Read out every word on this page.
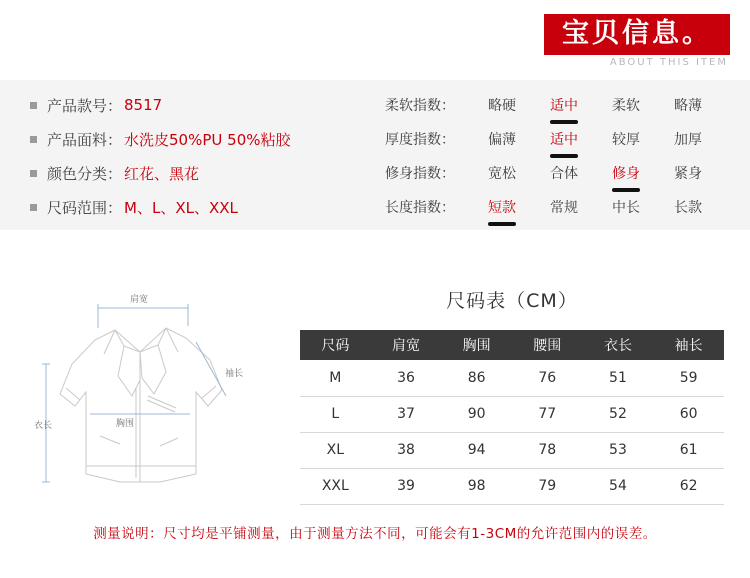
宝贝信息。
ABOUT THIS ITEM
产品款号： 8517
产品面料： 水洗皮50%PU 50%粘胶
颜色分类： 红花、黑花
尺码范围： M、L、XL、XXL
柔软指数：	略硬	适中	柔软	略薄
厚度指数：	偏薄	适中	较厚	加厚
修身指数：	宽松	合体	修身	紧身
长度指数：	短款	常规	中长	长款
肩宽
衣长	胸围
袖长
尺码表（CM）
尺码	肩宽	胸围	腰围	衣长	袖长
M	36	86	76	51	59
L	37	90	77	52	60
XL	38	94	78	53	61
XXL	39	98	79	54	62
测量说明：尺寸均是平铺测量，由于测量方法不同，可能会有1-3CM的允许范围内的误差。
